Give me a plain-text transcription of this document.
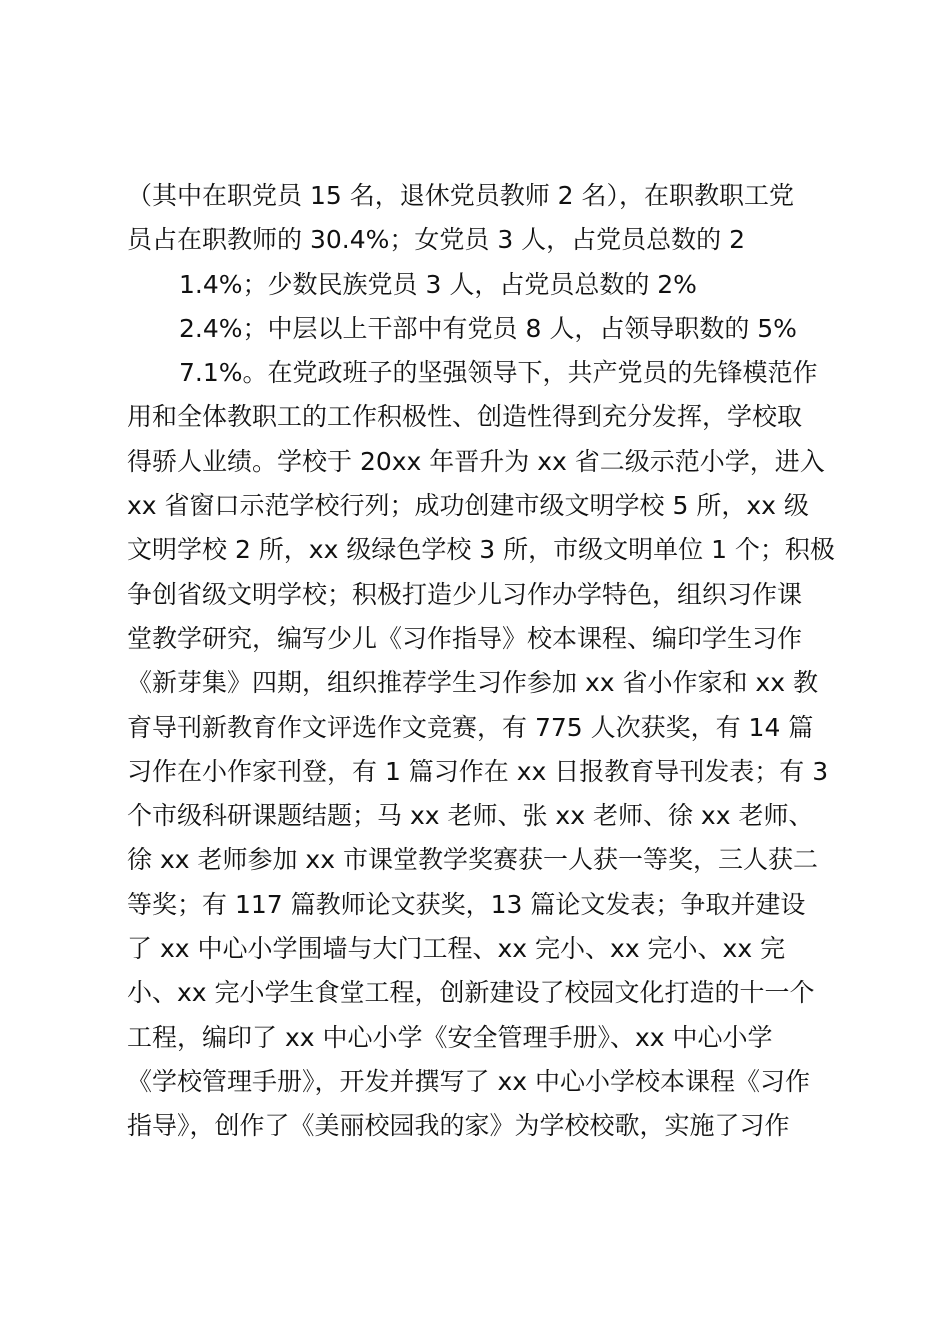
（其中在职党员 15 名，退休党员教师 2 名），在职教职工党
员占在职教师的 30.4%；女党员 3 人，占党员总数的 2
1.4%；少数民族党员 3 人，占党员总数的 2%
2.4%；中层以上干部中有党员 8 人，占领导职数的 5%
7.1%。在党政班子的坚强领导下，共产党员的先锋模范作
用和全体教职工的工作积极性、创造性得到充分发挥，学校取
得骄人业绩。学校于 20xx 年晋升为 xx 省二级示范小学，进入
xx 省窗口示范学校行列；成功创建市级文明学校 5 所，xx 级
文明学校 2 所，xx 级绿色学校 3 所，市级文明单位 1 个；积极
争创省级文明学校；积极打造少儿习作办学特色，组织习作课
堂教学研究，编写少儿《习作指导》校本课程、编印学生习作
《新芽集》四期，组织推荐学生习作参加 xx 省小作家和 xx 教
育导刊新教育作文评选作文竞赛，有 775 人次获奖，有 14 篇
习作在小作家刊登，有 1 篇习作在 xx 日报教育导刊发表；有 3
个市级科研课题结题；马 xx 老师、张 xx 老师、徐 xx 老师、
徐 xx 老师参加 xx 市课堂教学奖赛获一人获一等奖，三人获二
等奖；有 117 篇教师论文获奖，13 篇论文发表；争取并建设
了 xx 中心小学围墙与大门工程、xx 完小、xx 完小、xx 完
小、xx 完小学生食堂工程，创新建设了校园文化打造的十一个
工程，编印了 xx 中心小学《安全管理手册》、xx 中心小学
《学校管理手册》，开发并撰写了 xx 中心小学校本课程《习作
指导》，创作了《美丽校园我的家》为学校校歌，实施了习作
